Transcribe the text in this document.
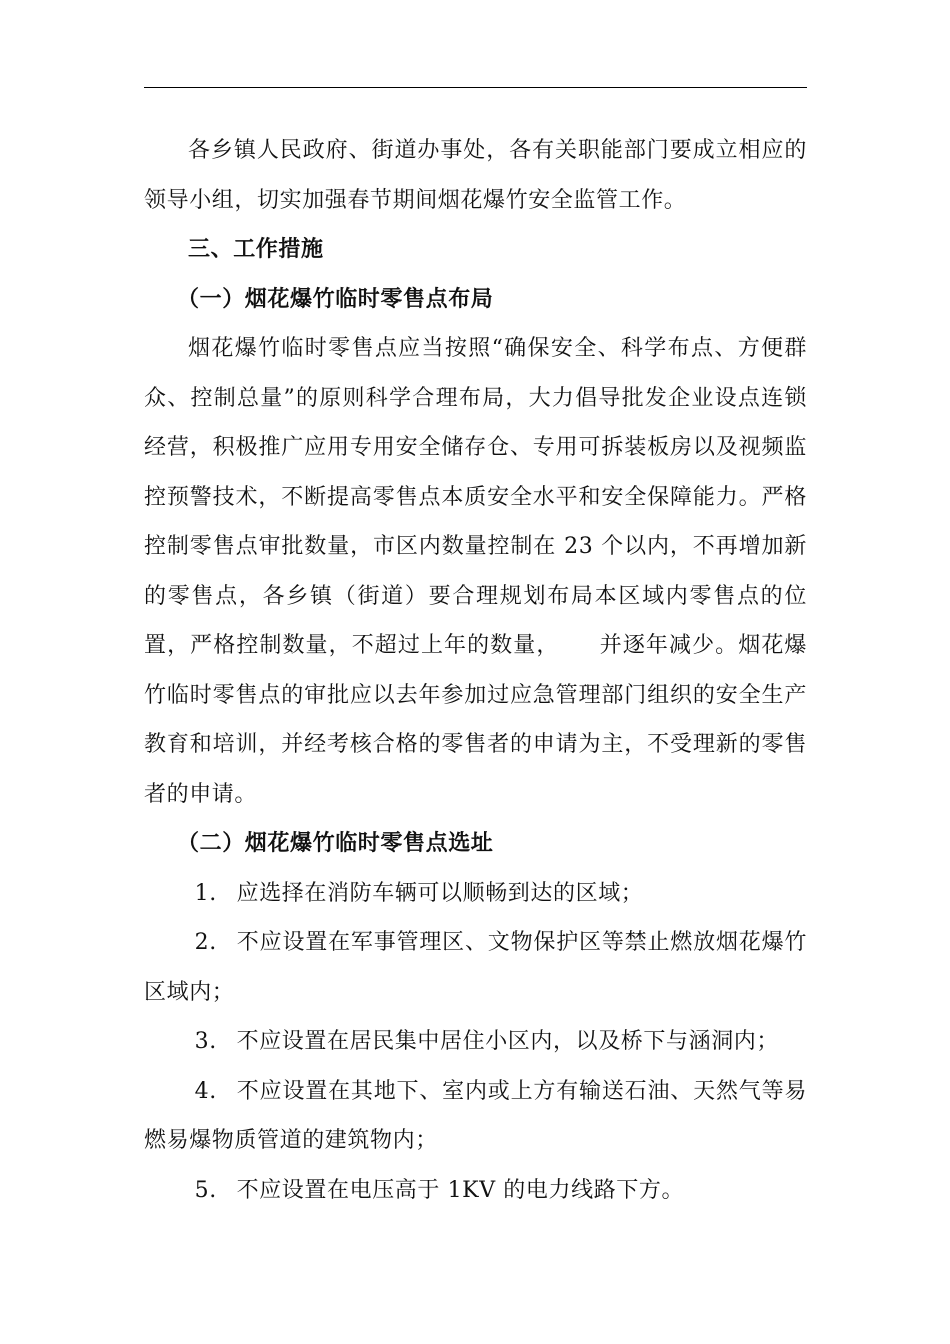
各乡镇人民政府、街道办事处，各有关职能部门要成立相应的领导小组，切实加强春节期间烟花爆竹安全监管工作。

三、工作措施

（一）烟花爆竹临时零售点布局

烟花爆竹临时零售点应当按照“确保安全、科学布点、方便群众、控制总量”的原则科学合理布局，大力倡导批发企业设点连锁经营，积极推广应用专用安全储存仓、专用可拆装板房以及视频监控预警技术，不断提高零售点本质安全水平和安全保障能力。严格控制零售点审批数量，市区内数量控制在 23 个以内，不再增加新的零售点，各乡镇（街道）要合理规划布局本区域内零售点的位置，严格控制数量，不超过上年的数量，     并逐年减少。烟花爆竹临时零售点的审批应以去年参加过应急管理部门组织的安全生产教育和培训，并经考核合格的零售者的申请为主，不受理新的零售者的申请。

（二）烟花爆竹临时零售点选址

1. 应选择在消防车辆可以顺畅到达的区域；

2. 不应设置在军事管理区、文物保护区等禁止燃放烟花爆竹区域内；

3. 不应设置在居民集中居住小区内，以及桥下与涵洞内；

4. 不应设置在其地下、室内或上方有输送石油、天然气等易燃易爆物质管道的建筑物内；

5. 不应设置在电压高于 1KV 的电力线路下方。
